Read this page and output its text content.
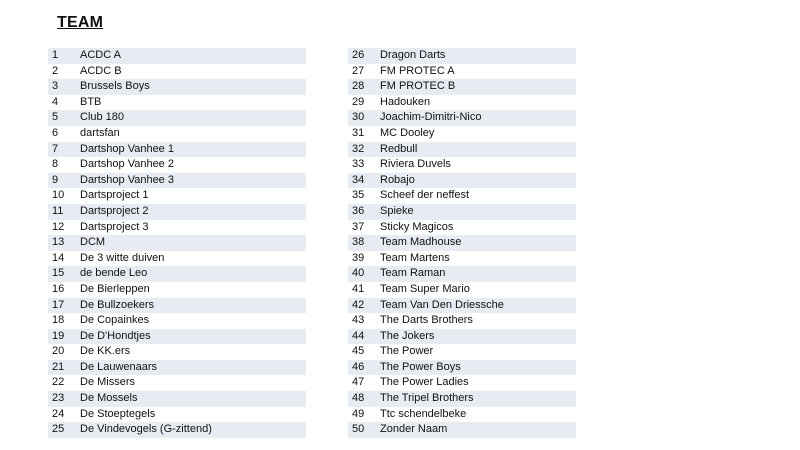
TEAM
1	ACDC A
2	ACDC B
3	Brussels Boys
4	BTB
5	Club 180
6	dartsfan
7	Dartshop Vanhee 1
8	Dartshop Vanhee 2
9	Dartshop Vanhee 3
10	Dartsproject 1
11	Dartsproject 2
12	Dartsproject 3
13	DCM
14	De 3 witte duiven
15	de bende Leo
16	De Bierleppen
17	De Bullzoekers
18	De Copainkes
19	De D'Hondtjes
20	De KK.ers
21	De Lauwenaars
22	De Missers
23	De Mossels
24	De Stoeptegels
25	De Vindevogels (G-zittend)
26	Dragon Darts
27	FM PROTEC A
28	FM PROTEC B
29	Hadouken
30	Joachim-Dimitri-Nico
31	MC Dooley
32	Redbull
33	Riviera Duvels
34	Robajo
35	Scheef der neffest
36	Spieke
37	Sticky Magicos
38	Team Madhouse
39	Team Martens
40	Team Raman
41	Team Super Mario
42	Team Van Den Driessche
43	The Darts Brothers
44	The Jokers
45	The Power
46	The Power Boys
47	The Power Ladies
48	The Tripel Brothers
49	Ttc schendelbeke
50	Zonder Naam
